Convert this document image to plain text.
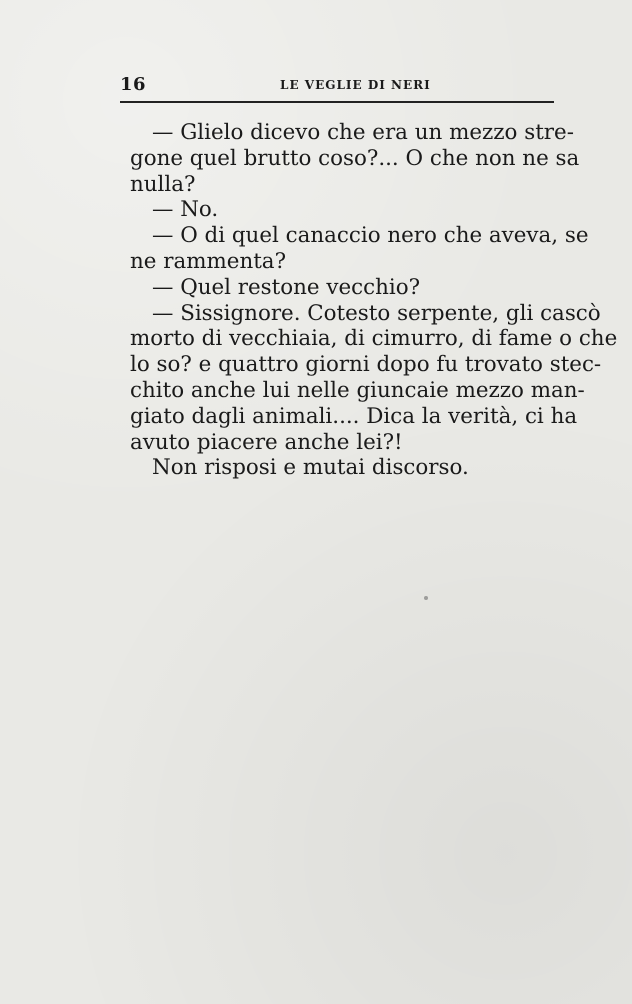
16	LE VEGLIE DI NERI
— Glielo dicevo che era un mezzo stre-
gone quel brutto coso?... O che non ne sa
nulla?
— No.
— O di quel canaccio nero che aveva, se
ne rammenta?
— Quel restone vecchio?
— Sissignore. Cotesto serpente, gli cascò
morto di vecchiaia, di cimurro, di fame o che
lo so? e quattro giorni dopo fu trovato stec-
chito anche lui nelle giuncaie mezzo man-
giato dagli animali.... Dica la verità, ci ha
avuto piacere anche lei?!
Non risposi e mutai discorso.
